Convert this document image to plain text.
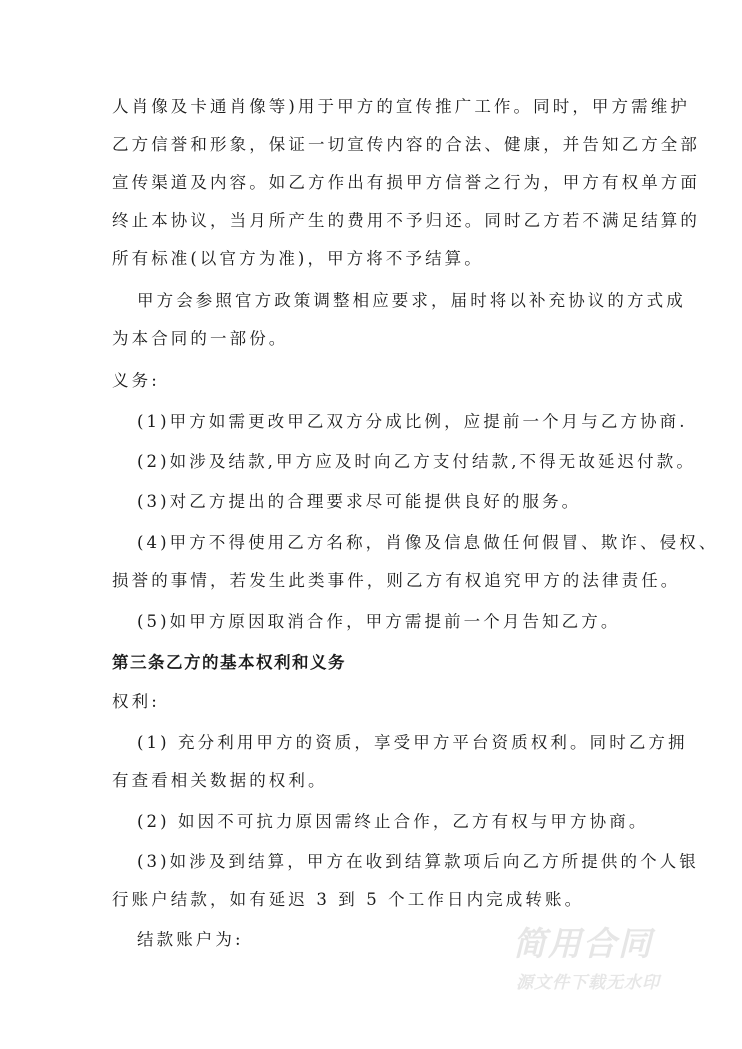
人肖像及卡通肖像等)用于甲方的宣传推广工作。同时，甲方需维护
乙方信誉和形象，保证一切宣传内容的合法、健康，并告知乙方全部
宣传渠道及内容。如乙方作出有损甲方信誉之行为，甲方有权单方面
终止本协议，当月所产生的费用不予归还。同时乙方若不满足结算的
所有标准(以官方为准)，甲方将不予结算。
甲方会参照官方政策调整相应要求，届时将以补充协议的方式成
为本合同的一部份。
义务:
(1)甲方如需更改甲乙双方分成比例，应提前一个月与乙方协商.
(2)如涉及结款,甲方应及时向乙方支付结款,不得无故延迟付款。
(3)对乙方提出的合理要求尽可能提供良好的服务。
(4)甲方不得使用乙方名称，肖像及信息做任何假冒、欺诈、侵权、
损誉的事情，若发生此类事件，则乙方有权追究甲方的法律责任。
(5)如甲方原因取消合作，甲方需提前一个月告知乙方。
第三条乙方的基本权利和义务
权利:
(1) 充分利用甲方的资质，享受甲方平台资质权利。同时乙方拥
有查看相关数据的权利。
(2) 如因不可抗力原因需终止合作，乙方有权与甲方协商。
(3)如涉及到结算，甲方在收到结算款项后向乙方所提供的个人银
行账户结款，如有延迟 3 到 5 个工作日内完成转账。
结款账户为:	简用合同
源文件下载无水印
